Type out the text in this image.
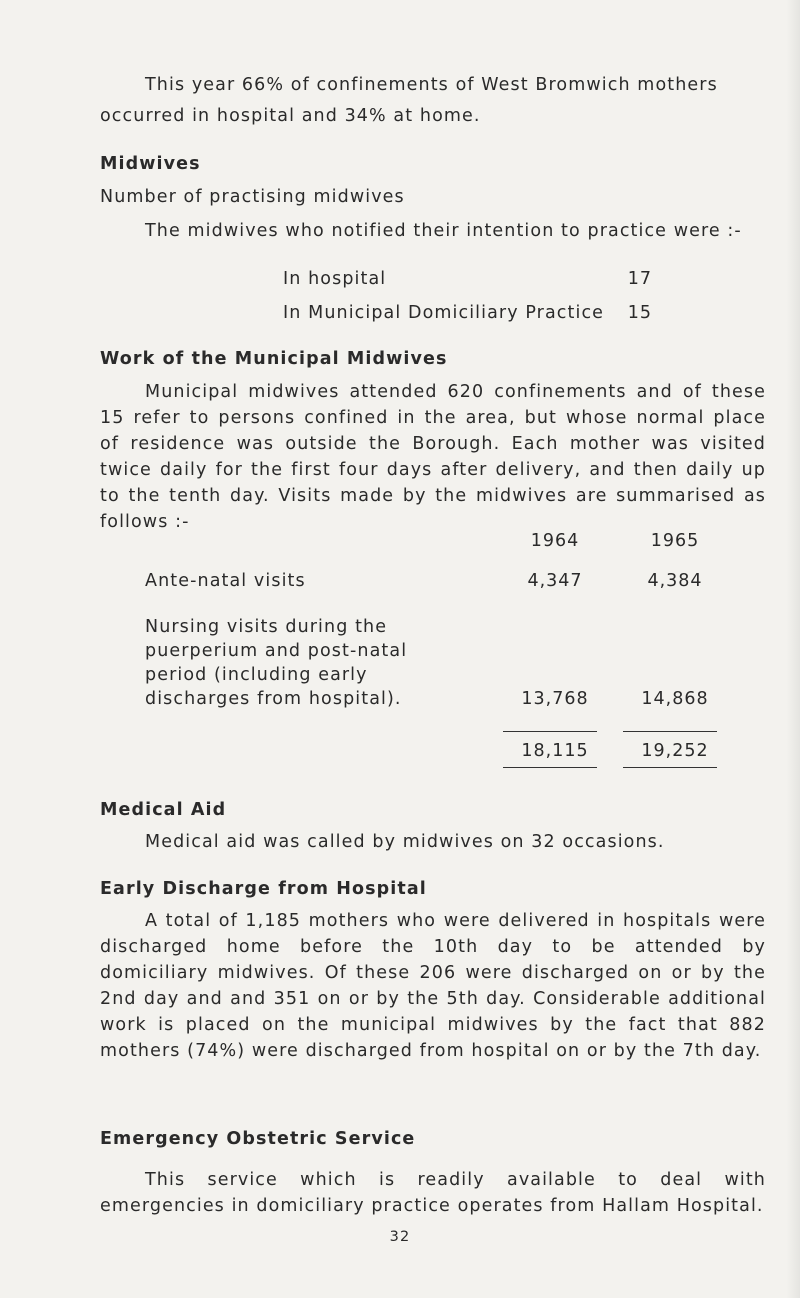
This year 66% of confinements of West Bromwich mothers
occurred in hospital and 34% at home.
Midwives
Number of practising midwives
The midwives who notified their intention to practice were :-
In hospital	17
In Municipal Domiciliary Practice	15
Work of the Municipal Midwives

Municipal midwives attended 620 confinements and of these 15 refer to persons confined in the area, but whose normal place of residence was outside the Borough. Each mother was visited twice daily for the first four days after delivery, and then daily up to the tenth day. Visits made by the midwives are summarised as follows :-

1964	1965
Ante-natal visits	4,347	4,384
Nursing visits during the
puerperium and post-natal
period (including early
discharges from hospital).	13,768	14,868
18,115	19,252
Medical Aid
Medical aid was called by midwives on 32 occasions.
Early Discharge from Hospital

A total of 1,185 mothers who were delivered in hospitals were discharged home before the 10th day to be attended by domiciliary midwives. Of these 206 were discharged on or by the 2nd day and and 351 on or by the 5th day. Considerable additional work is placed on the municipal midwives by the fact that 882 mothers (74%) were discharged from hospital on or by the 7th day.

Emergency Obstetric Service

This service which is readily available to deal with emergencies in domiciliary practice operates from Hallam Hospital.

32
